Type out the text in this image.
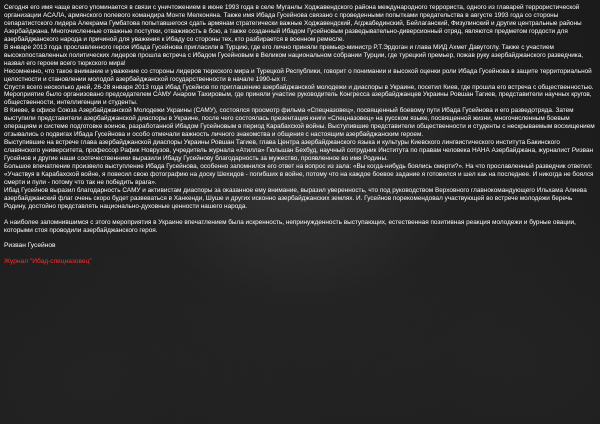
Сегодня его имя чаще всего упоминается в связи с уничтожением в июне 1993 года в селе Муганлы Ходжавендского района международного террориста, одного из главарей террористической организации АСАЛА, армянского полевого командира Монте Мелконяна. Также имя Ибада Гусейнова связано с проведенными попытками предательства в августе 1993 года со стороны сепаратистского лидера Алекрама Гумбатова попытавшегося сдать армянам стратегически важные Ходжавендский, Агджабединский, Бейлаганский, Физулинский и другие центральные районы Азербайджана. Многочисленные отважные поступки, отваживость в бою, а также созданный Ибадом Гусейновым разведывательно-диверсионный отряд, являются предметом гордости для азербайджанского народа и причиной для уважения к Ибаду со стороны тех, кто разбирается в военном ремесле.

В январе 2013 года прославленного героя Ибада Гусейнова пригласили в Турцию, где его лично приняли премьер-министр Р.Т.Эрдоган и глава МИД Ахмет Давутоглу. Также с участием высокопоставленных политических лидеров прошла встреча с Ибадом Гусейновым в Великом национальном собрании Турции, где турецкий премьер, пожав руку азербайджанского разведчика, назвал его героем всего тюркского мира!

Несомненно, что такое внимание и уважение со стороны лидеров тюркского мира и Турецкой Республики, говорит о понимании и высокой оценки роли Ибада Гусейнова в защите территориальной целостности и становлении молодой азербайджанской государственности в начале 1990-ых гг.

Спустя всего несколько дней, 26-28 января 2013 года Ибад Гусейнов по приглашению азербайджанской молодежи и диаспоры в Украине, посетил Киев, где прошла его встреча с общественностью. Мероприятие было организовано председателем САМУ Анаром Тахировым, где приняли участие руководитель Конгресса азербайджанцев Украины Ровшан Тагиев, представители научных кругов, общественности, интеллигенции и студенты.

В Киеве, в офисе Союза Азербайджанской Молодежи Украины (САМУ), состоялся просмотр фильма «Спецназовец», посвященный боевому пути Ибада Гусейнова и его разведотряда. Затем выступили представители азербайджанской диаспоры в Украине, после чего состоялась презентация книги «Спецназовец» на русском языке, посвященной жизни, многочисленным боевым операциям и системе подготовке воинов, разработанной Ибадом Гусейновым в период Карабахской войны. Выступившие представители общественности и студенты с нескрываемым восхищением отзывались о подвигах Ибада Гусейнова и особо отмечали важность личного знакомства и общения с настоящим азербайджанским героем.

Выступившие на встрече глава азербайджанской диаспоры Украины Ровшан Тагиев, глава Центра азербайджанского языка и культуры Киевского лингвистического института Бакинского славянского университета, профессор Рафик Новрузов, учредитель журнала «Атилла» Гюльшан Бехбуд, научный сотрудник Института по правам человека НАНА Азербайджана, журналист Ризван Гусейнов и другие наши соотечественники выразили Ибаду Гусейнову благодарность за мужество, проявленное во имя Родины.

Большое впечатление произвело выступление Ибада Гусейнова, особенно запомнился его ответ на вопрос из зала: «Вы когда-нибудь боялись смерти?». На что прославленный разведчик ответил: «Участвуя в Карабахской войне, я повесил свою фотографию на доску Шехидов - погибших в войне, потому что на каждое боевое задание я готовился и шел как на последнее. И никогда не боялся смерти и пули - потому что так не победить врага».

Ибад Гусейнов выразил благодарность САМУ и активистам диаспоры за оказанное ему внимание, выразил уверенность, что под руководством Верховного главнокомандующего Ильхама Алиева азербайджанский флаг очень скоро будет развеваться в Ханкенди, Шуше и других исконно азербайджанских землях. И. Гусейнов порекомендовал участвующей во встрече молодежи беречь Родину, достойно представлять национально-духовные ценности нашего народа.

А наиболее запомнившимся с этого мероприятия в Украине впечатлением была искренность, непринужденность выступающих, естественная позитивная реакция молодежи и бурные овации, которыми стоя проводили азербайджанского героя.

Ризван Гусейнов

Журнал "Ибад-спецназовец"
